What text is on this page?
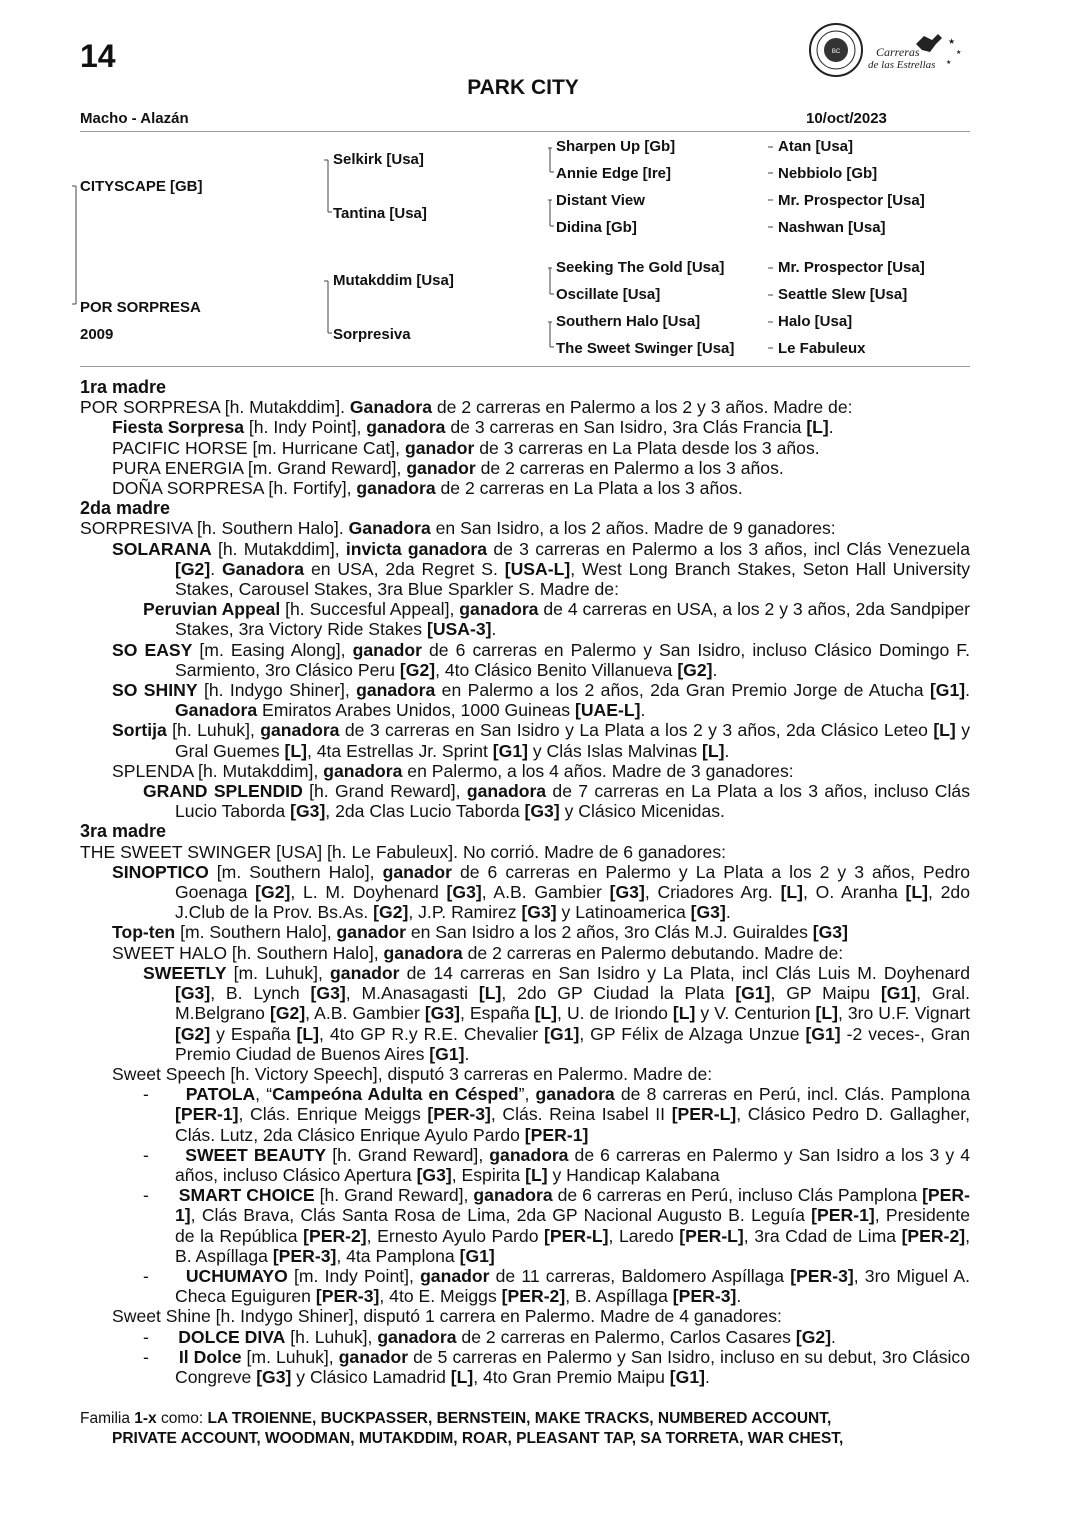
14
PARK CITY
BC	Carreras
de las Estrellas
★
★
★
Macho - Alazán	10/oct/2023
CITYSCAPE [GB]
POR SORPRESA
2009
Selkirk [Usa]
Tantina [Usa]
Mutakddim [Usa]
Sorpresiva
Sharpen Up [Gb]
Annie Edge [Ire]
Distant View
Didina [Gb]
Seeking The Gold [Usa]
Oscillate [Usa]
Southern Halo [Usa]
The Sweet Swinger [Usa]
Atan [Usa]
Nebbiolo [Gb]
Mr. Prospector [Usa]
Nashwan [Usa]
Mr. Prospector [Usa]
Seattle Slew [Usa]
Halo [Usa]
Le Fabuleux

1ra madre

POR SORPRESA [h. Mutakddim]. Ganadora de 2 carreras en Palermo a los 2 y 3 años. Madre de:

Fiesta Sorpresa [h. Indy Point], ganadora de 3 carreras en San Isidro, 3ra Clás Francia [L].

PACIFIC HORSE [m. Hurricane Cat], ganador de 3 carreras en La Plata desde los 3 años.

PURA ENERGIA [m. Grand Reward], ganador de 2 carreras en Palermo a los 3 años.

DOÑA SORPRESA [h. Fortify], ganadora de 2 carreras en La Plata a los 3 años.

2da madre

SORPRESIVA [h. Southern Halo]. Ganadora en San Isidro, a los 2 años. Madre de 9 ganadores:

SOLARANA [h. Mutakddim], invicta ganadora de 3 carreras en Palermo a los 3 años, incl Clás Venezuela [G2]. Ganadora en USA, 2da Regret S. [USA-L], West Long Branch Stakes, Seton Hall University Stakes, Carousel Stakes, 3ra Blue Sparkler S. Madre de:

Peruvian Appeal [h. Succesful Appeal], ganadora de 4 carreras en USA, a los 2 y 3 años, 2da Sandpiper Stakes, 3ra Victory Ride Stakes [USA-3].

SO EASY [m. Easing Along], ganador de 6 carreras en Palermo y San Isidro, incluso Clásico Domingo F. Sarmiento, 3ro Clásico Peru [G2], 4to Clásico Benito Villanueva [G2].

SO SHINY [h. Indygo Shiner], ganadora en Palermo a los 2 años, 2da Gran Premio Jorge de Atucha [G1]. Ganadora Emiratos Arabes Unidos, 1000 Guineas [UAE-L].

Sortija [h. Luhuk], ganadora de 3 carreras en San Isidro y La Plata a los 2 y 3 años, 2da Clásico Leteo [L] y Gral Guemes [L], 4ta Estrellas Jr. Sprint [G1] y Clás Islas Malvinas [L].

SPLENDA [h. Mutakddim], ganadora en Palermo, a los 4 años. Madre de 3 ganadores:

GRAND SPLENDID [h. Grand Reward], ganadora de 7 carreras en La Plata a los 3 años, incluso Clás Lucio Taborda [G3], 2da Clas Lucio Taborda [G3] y Clásico Micenidas.

3ra madre

THE SWEET SWINGER [USA] [h. Le Fabuleux]. No corrió. Madre de 6 ganadores:

SINOPTICO [m. Southern Halo], ganador de 6 carreras en Palermo y La Plata a los 2 y 3 años, Pedro Goenaga [G2], L. M. Doyhenard [G3], A.B. Gambier [G3], Criadores Arg. [L], O. Aranha [L], 2do J.Club de la Prov. Bs.As. [G2], J.P. Ramirez [G3] y Latinoamerica [G3].

Top-ten [m. Southern Halo], ganador en San Isidro a los 2 años, 3ro Clás M.J. Guiraldes [G3]

SWEET HALO [h. Southern Halo], ganadora de 2 carreras en Palermo debutando. Madre de:

SWEETLY [m. Luhuk], ganador de 14 carreras en San Isidro y La Plata, incl Clás Luis M. Doyhenard [G3], B. Lynch [G3], M.Anasagasti [L], 2do GP Ciudad la Plata [G1], GP Maipu [G1], Gral. M.Belgrano [G2], A.B. Gambier [G3], España [L], U. de Iriondo [L] y V. Centurion [L], 3ro U.F. Vignart [G2] y España [L], 4to GP R.y R.E. Chevalier [G1], GP Félix de Alzaga Unzue [G1] -2 veces-, Gran Premio Ciudad de Buenos Aires [G1].

Sweet Speech [h. Victory Speech], disputó 3 carreras en Palermo. Madre de:

-      PATOLA, “Campeóna Adulta en Césped”, ganadora de 8 carreras en Perú, incl. Clás. Pamplona [PER-1], Clás. Enrique Meiggs [PER-3], Clás. Reina Isabel II [PER-L], Clásico Pedro D. Gallagher, Clás. Lutz, 2da Clásico Enrique Ayulo Pardo [PER-1]

-      SWEET BEAUTY [h. Grand Reward], ganadora de 6 carreras en Palermo y San Isidro a los 3 y 4 años, incluso Clásico Apertura [G3], Espirita [L] y Handicap Kalabana

-      SMART CHOICE [h. Grand Reward], ganadora de 6 carreras en Perú, incluso Clás Pamplona [PER-1], Clás Brava, Clás Santa Rosa de Lima, 2da GP Nacional Augusto B. Leguía [PER-1], Presidente de la República [PER-2], Ernesto Ayulo Pardo [PER-L], Laredo [PER-L], 3ra Cdad de Lima [PER-2], B. Aspíllaga [PER-3], 4ta Pamplona [G1]

-      UCHUMAYO [m. Indy Point], ganador de 11 carreras, Baldomero Aspíllaga [PER-3], 3ro Miguel A. Checa Eguiguren [PER-3], 4to E. Meiggs [PER-2], B. Aspíllaga [PER-3].

Sweet Shine [h. Indygo Shiner], disputó 1 carrera en Palermo. Madre de 4 ganadores:

-      DOLCE DIVA [h. Luhuk], ganadora de 2 carreras en Palermo, Carlos Casares [G2].

-      Il Dolce [m. Luhuk], ganador de 5 carreras en Palermo y San Isidro, incluso en su debut, 3ro Clásico Congreve [G3] y Clásico Lamadrid [L], 4to Gran Premio Maipu [G1].

Familia 1-x como: LA TROIENNE, BUCKPASSER, BERNSTEIN, MAKE TRACKS, NUMBERED ACCOUNT,

PRIVATE ACCOUNT, WOODMAN, MUTAKDDIM, ROAR, PLEASANT TAP, SA TORRETA, WAR CHEST,
